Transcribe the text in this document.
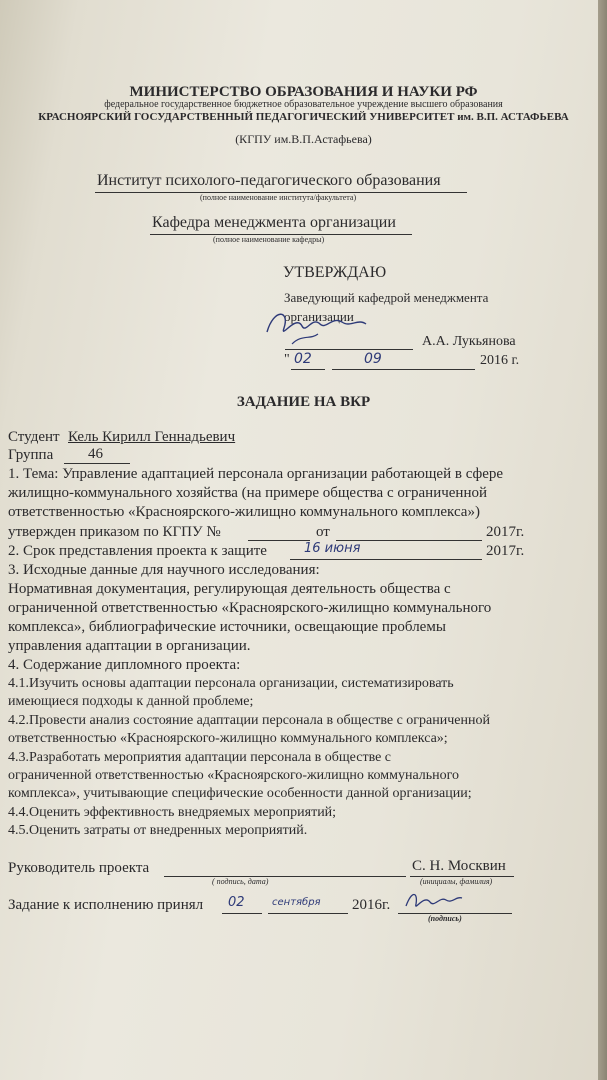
МИНИСТЕРСТВО ОБРАЗОВАНИЯ И НАУКИ РФ
федеральное государственное бюджетное образовательное учреждение высшего образования
КРАСНОЯРСКИЙ ГОСУДАРСТВЕННЫЙ ПЕДАГОГИЧЕСКИЙ УНИВЕРСИТЕТ им. В.П. АСТАФЬЕВА
(КГПУ им.В.П.Астафьева)
Институт психолого-педагогического образования
(полное наименование института/факультета)
Кафедра менеджмента организации
(полное наименование кафедры)
УТВЕРЖДАЮ
Заведующий кафедрой менеджмента
организации
А.А. Лукьянова
" 02	09	2016 г.
ЗАДАНИЕ НА ВКР
Студент Кель Кирилл Геннадьевич
Группа 46
1. Тема: Управление адаптацией персонала организации работающей в сфере
жилищно-коммунального хозяйства (на примере общества с ограниченной
ответственностью «Красноярского-жилищно коммунального комплекса»)
утвержден приказом по КГПУ №	от	2017г.
2. Срок представления проекта к защите	16 июня	2017г.
3. Исходные данные для научного исследования:
Нормативная документация, регулирующая деятельность общества с
ограниченной ответственностью «Красноярского-жилищно коммунального
комплекса», библиографические источники, освещающие проблемы
управления адаптации в организации.
4. Содержание дипломного проекта:
4.1.Изучить основы адаптации персонала организации, систематизировать
имеющиеся подходы к данной проблеме;
4.2.Провести анализ состояние адаптации персонала в обществе с ограниченной
ответственностью «Красноярского-жилищно коммунального комплекса»;
4.3.Разработать мероприятия адаптации персонала в обществе с
ограниченной ответственностью «Красноярского-жилищно коммунального
комплекса», учитывающие специфические особенности данной организации;
4.4.Оценить эффективность внедряемых мероприятий;
4.5.Оценить затраты от внедренных мероприятий.
Руководитель проекта	С. Н. Москвин
( подпись, дата)	(инициалы, фамилия)
Задание к исполнению принял 02	сентября 2016г.
(подпись)
